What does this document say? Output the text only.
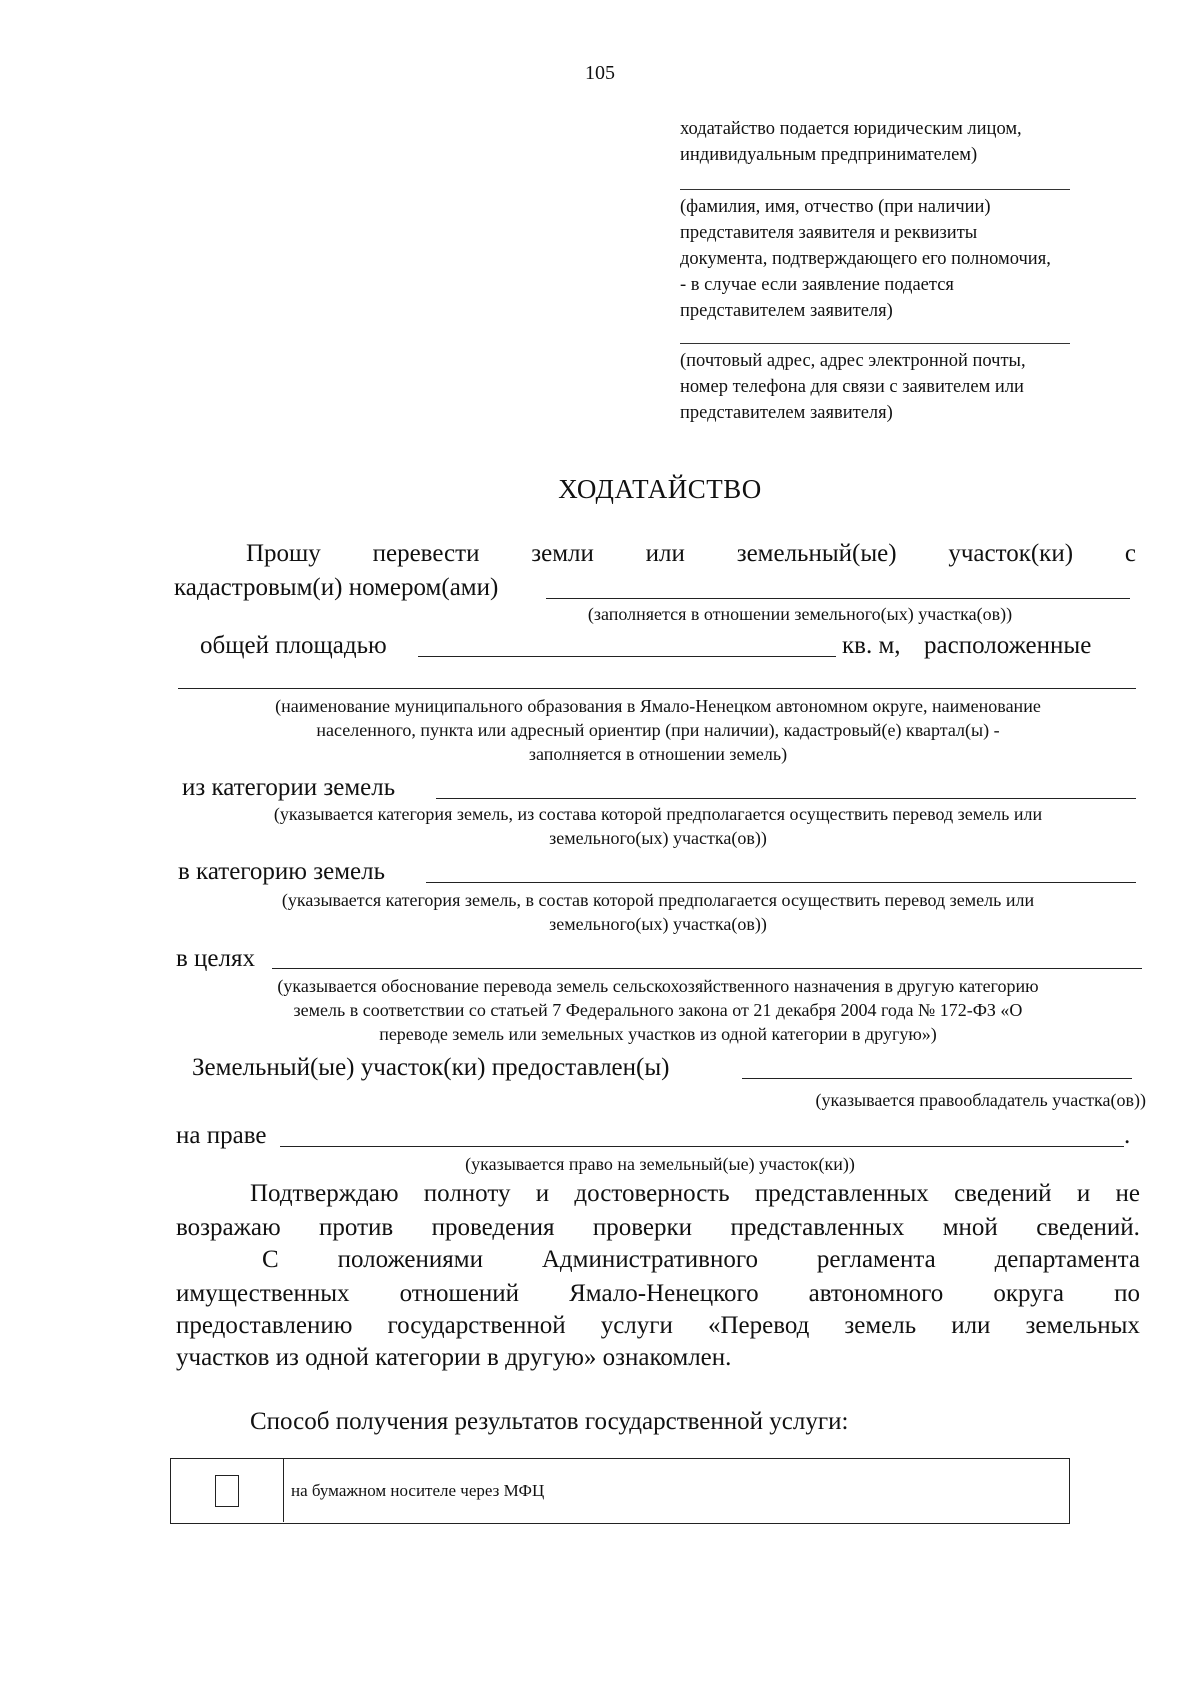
105
ходатайство подается юридическим лицом,
индивидуальным предпринимателем)
(фамилия, имя, отчество (при наличии)
представителя заявителя и реквизиты
документа, подтверждающего его полномочия,
- в случае если заявление подается
представителем заявителя)
(почтовый адрес, адрес электронной почты,
номер телефона для связи с заявителем или
представителем заявителя)
ХОДАТАЙСТВО
Прошу перевести земли или земельный(ые) участок(ки) с
кадастровым(и) номером(ами)
(заполняется в отношении земельного(ых) участка(ов))
общей площадью	кв. м, расположенные
(наименование муниципального образования в Ямало-Ненецком автономном округе, наименование
населенного, пункта или адресный ориентир (при наличии), кадастровый(е) квартал(ы) -
заполняется в отношении земель)
из категории земель
(указывается категория земель, из состава которой предполагается осуществить перевод земель или
земельного(ых) участка(ов))
в категорию земель
(указывается категория земель, в состав которой предполагается осуществить перевод земель или
земельного(ых) участка(ов))
в целях
(указывается обоснование перевода земель сельскохозяйственного назначения в другую категорию
земель в соответствии со статьей 7 Федерального закона от 21 декабря 2004 года № 172-ФЗ «О
переводе земель или земельных участков из одной категории в другую»)
Земельный(ые) участок(ки) предоставлен(ы)
(указывается правообладатель участка(ов))
на праве	.
(указывается право на земельный(ые) участок(ки))
Подтверждаю полноту и достоверность представленных сведений и не
возражаю против проведения проверки представленных мной сведений.
С положениями Административного регламента департамента
имущественных отношений Ямало-Ненецкого автономного округа по
предоставлению государственной услуги «Перевод земель или земельных
участков из одной категории в другую» ознакомлен.
Способ получения результатов государственной услуги:
на бумажном носителе через МФЦ
